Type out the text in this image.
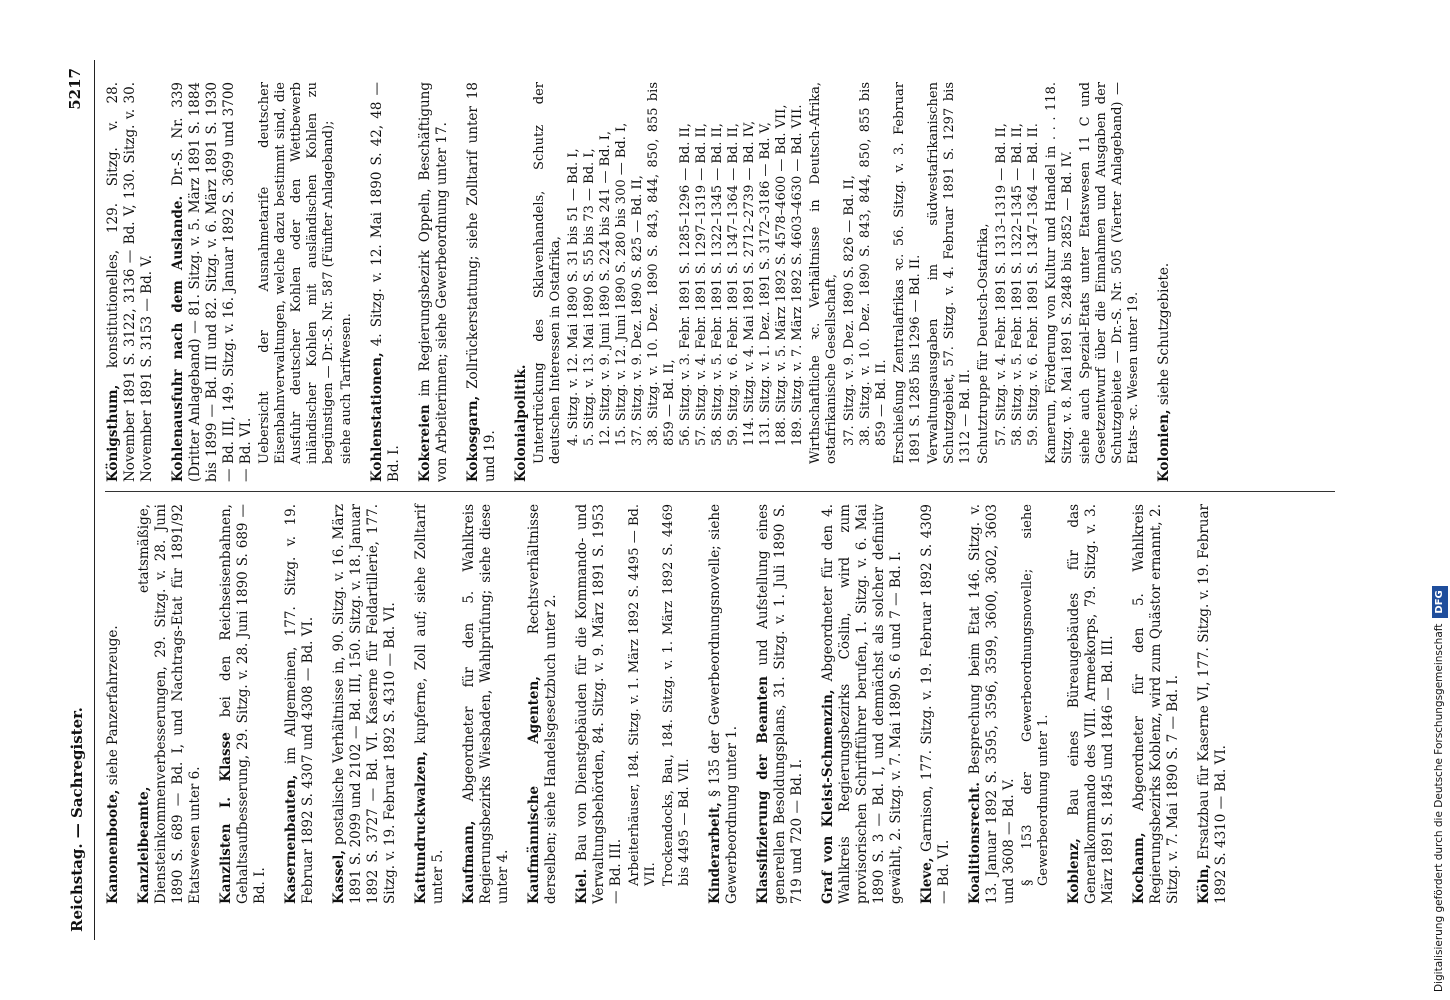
Reichstag. — Sachregister.
5217
Kanonenboote, siehe Panzerfahrzeuge.
Kanzleibeamte, etatsmäßige, Diensteinkommenverbesserungen, 29. Sitzg. v. 28. Juni 1890 S. 689 — Bd. I, und Nachtrags-Etat für 1891/92 Etatswesen unter 6. Kanzlisten I. Klasse bei den Reichseisenbahnen, Gehaltsaufbesserung, 29. Sitzg. v. 28. Juni 1890 S. 689 — Bd. I. Kasernenbauten, im Allgemeinen, 177. Sitzg. v. 19. Februar 1892 S. 4307 und 4308 — Bd. VI. Kassel, postalische Verhältnisse in, 90. Sitzg. v. 16. März 1891 S. 2099 und 2102 — Bd. III, 150. Sitzg. v. 18. Januar 1892 S. 3727 — Bd. VI. Kaserne für Feldartillerie, 177. Sitzg. v. 19. Februar 1892 S. 4310 — Bd. VI. Kattundruckwalzen, kupferne, Zoll auf; siehe Zolltarif unter 5. Kaufmann, Abgeordneter für den 5. Wahlkreis Regierungsbezirks Wiesbaden, Wahlprüfung; siehe diese unter 4. Kaufmännische Agenten, Rechtsverhältnisse derselben; siehe Handelsgesetzbuch unter 2. Kiel. Bau von Dienstgebäuden für die Kommando- und Verwaltungsbehörden, 84. Sitzg. v. 9. März 1891 S. 1953 — Bd. III. Arbeiterhäuser, 184. Sitzg. v. 1. März 1892 S. 4495 — Bd. VII. Trockendocks, Bau, 184. Sitzg. v. 1. März 1892 S. 4469 bis 4495 — Bd. VII. Kinderarbeit, § 135 der Gewerbeordnungsnovelle; siehe Gewerbeordnung unter 1. Klassifizierung der Beamten und Aufstellung eines generellen Besoldungsplans, 31. Sitzg. v. 1. Juli 1890 S. 719 und 720 — Bd. I. Graf von Kleist-Schmenzin, Abgeordneter für den 4. Wahlkreis Regierungsbezirks Cöslin, wird zum provisorischen Schriftführer berufen, 1. Sitzg. v. 6. Mai 1890 S. 3 — Bd. I, und demnächst als solcher definitiv gewählt, 2. Sitzg. v. 7. Mai 1890 S. 6 und 7 — Bd. I. Kleve, Garnison, 177. Sitzg. v. 19. Februar 1892 S. 4309 — Bd. VI. Koalitionsrecht. Besprechung beim Etat 146. Sitzg. v. 13. Januar 1892 S. 3595, 3596, 3599, 3600, 3602, 3603 und 3608 — Bd. V. § 153 der Gewerbeordnungsnovelle; siehe Gewerbeordnung unter 1. Koblenz, Bau eines Büreaugebäudes für das Generalkommando des VIII. Armeekorps, 79. Sitzg. v. 3. März 1891 S. 1845 und 1846 — Bd. III. Kochann, Abgeordneter für den 5. Wahlkreis Regierungsbezirks Koblenz, wird zum Quästor ernannt, 2. Sitzg. v. 7. Mai 1890 S. 7 — Bd. I. Köln, Ersatzbau für Kaserne VI, 177. Sitzg. v. 19. Februar 1892 S. 4310 — Bd. VI.
Königsthum, konstitutionelles, 129. Sitzg. v. 28. November 1891 S. 3122, 3136 — Bd. V, 130. Sitzg. v. 30. November 1891 S. 3153 — Bd. V. Kohlenausfuhr nach dem Auslande. Dr.-S. Nr. 339 (Dritter Anlageband) — 81. Sitzg. v. 5. März 1891 S. 1884 bis 1899 — Bd. III und 82. Sitzg. v. 6. März 1891 S. 1930 — Bd. III, 149. Sitzg. v. 16. Januar 1892 S. 3699 und 3700 — Bd. VI. Uebersicht der Ausnahmetarife deutscher Eisenbahnverwaltungen, welche dazu bestimmt sind, die Ausfuhr deutscher Kohlen oder den Wettbewerb inländischer Kohlen mit ausländischen Kohlen zu begünstigen — Dr.-S. Nr. 587 (Fünfter Anlageband); siehe auch Tarifwesen. Kohlenstationen, 4. Sitzg. v. 12. Mai 1890 S. 42, 48 — Bd. I. Kokereien im Regierungsbezirk Oppeln, Beschäftigung von Arbeiterinnen; siehe Gewerbeordnung unter 17. Kokosgarn, Zollrückerstattung; siehe Zolltarif unter 18 und 19. Kolonialpolitik. Unterdrückung des Sklavenhandels, Schutz der deutschen Interessen in Ostafrika, 4. Sitzg. v. 12. Mai 1890 S. 31 bis 51 — Bd. I, 5. Sitzg. v. 13. Mai 1890 S. 55 bis 73 — Bd. I, 12. Sitzg. v. 9. Juni 1890 S. 224 bis 241 — Bd. I, 15. Sitzg. v. 12. Juni 1890 S. 280 bis 300 — Bd. I, 37. Sitzg. v. 9. Dez. 1890 S. 825 — Bd. II, 38. Sitzg. v. 10. Dez. 1890 S. 843, 844, 850, 855 bis 859 — Bd. II, 56. Sitzg. v. 3. Febr. 1891 S. 1285–1296 — Bd. II, 57. Sitzg. v. 4. Febr. 1891 S. 1297–1319 — Bd. II, 58. Sitzg. v. 5. Febr. 1891 S. 1322–1345 — Bd. II, 59. Sitzg. v. 6. Febr. 1891 S. 1347–1364 — Bd. II, 114. Sitzg. v. 4. Mai 1891 S. 2712–2739 — Bd. IV, 131. Sitzg. v. 1. Dez. 1891 S. 3172–3186 — Bd. V, 188. Sitzg. v. 5. März 1892 S. 4578–4600 — Bd. VII, 189. Sitzg. v. 7. März 1892 S. 4603–4630 — Bd. VII. Wirthschaftliche ꝛc. Verhältnisse in Deutsch-Afrika, ostafrikanische Gesellschaft, 37. Sitzg. v. 9. Dez. 1890 S. 826 — Bd. II, 38. Sitzg. v. 10. Dez. 1890 S. 843, 844, 850, 855 bis 859 — Bd. II. Erschießung Zentralafrikas ꝛc. 56. Sitzg. v. 3. Februar 1891 S. 1285 bis 1296 — Bd. II. Verwaltungsausgaben im südwestafrikanischen Schutzgebiet, 57. Sitzg. v. 4. Februar 1891 S. 1297 bis 1312 — Bd. II. Schutztruppe für Deutsch-Ostafrika, 57. Sitzg. v. 4. Febr. 1891 S. 1313–1319 — Bd. II, 58. Sitzg. v. 5. Febr. 1891 S. 1322–1345 — Bd. II, 59. Sitzg. v. 6. Febr. 1891 S. 1347–1364 — Bd. II. Kamerun, Förderung von Kultur und Handel in . . . 118. Sitzg. v. 8. Mai 1891 S. 2848 bis 2852 — Bd. IV. siehe auch Spezial-Etats unter Etatswesen 11 C und Gesetzentwurf über die Einnahmen und Ausgaben der Schutzgebiete — Dr.-S. Nr. 505 (Vierter Anlageband) — Etats- ꝛc. Wesen unter 19. Kolonien, siehe Schutzgebiete.
Digitalisierung gefördert durch die Deutsche ForschungsgemeinschaftDFG
